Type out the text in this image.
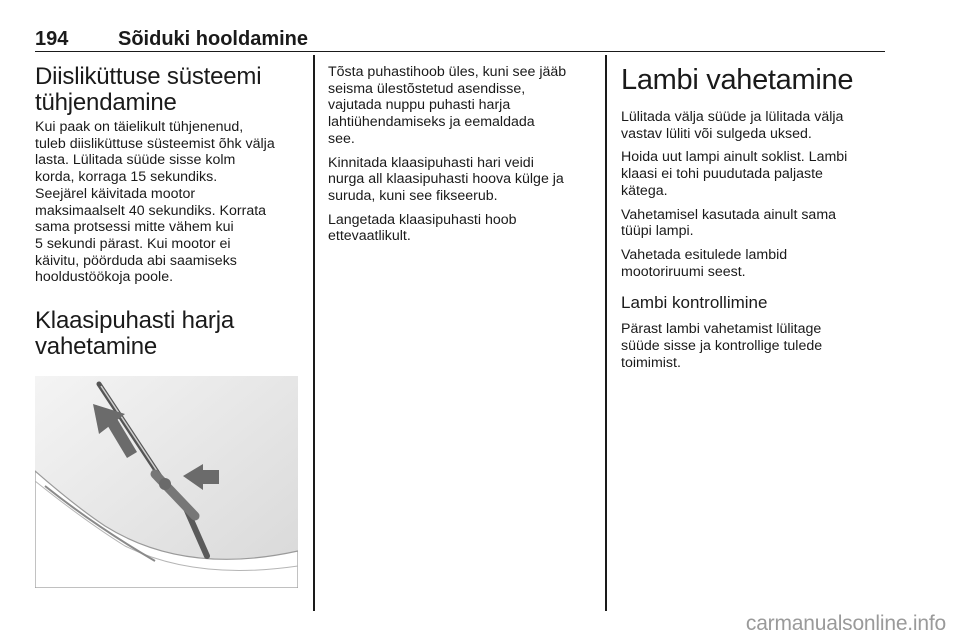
194 Sõiduki hooldamine
Diisliküttuse süsteemi
tühjendamine
Kui paak on täielikult tühjenenud,
tuleb diisliküttuse süsteemist õhk välja
lasta. Lülitada süüde sisse kolm
korda, korraga 15 sekundiks.
Seejärel käivitada mootor
maksimaalselt 40 sekundiks. Korrata
sama protsessi mitte vähem kui
5 sekundi pärast. Kui mootor ei
käivitu, pöörduda abi saamiseks
hooldustöökoja poole.
Klaasipuhasti harja
vahetamine
Tõsta puhastihoob üles, kuni see jääb
seisma ülestõstetud asendisse,
vajutada nuppu puhasti harja
lahtiühendamiseks ja eemaldada
see.
Kinnitada klaasipuhasti hari veidi
nurga all klaasipuhasti hoova külge ja
suruda, kuni see fikseerub.
Langetada klaasipuhasti hoob
ettevaatlikult.
Lambi vahetamine
Lülitada välja süüde ja lülitada välja
vastav lüliti või sulgeda uksed.
Hoida uut lampi ainult soklist. Lambi
klaasi ei tohi puudutada paljaste
kätega.
Vahetamisel kasutada ainult sama
tüüpi lampi.
Vahetada esitulede lambid
mootoriruumi seest.
Lambi kontrollimine
Pärast lambi vahetamist lülitage
süüde sisse ja kontrollige tulede
toimimist.
carmanualsonline.info
